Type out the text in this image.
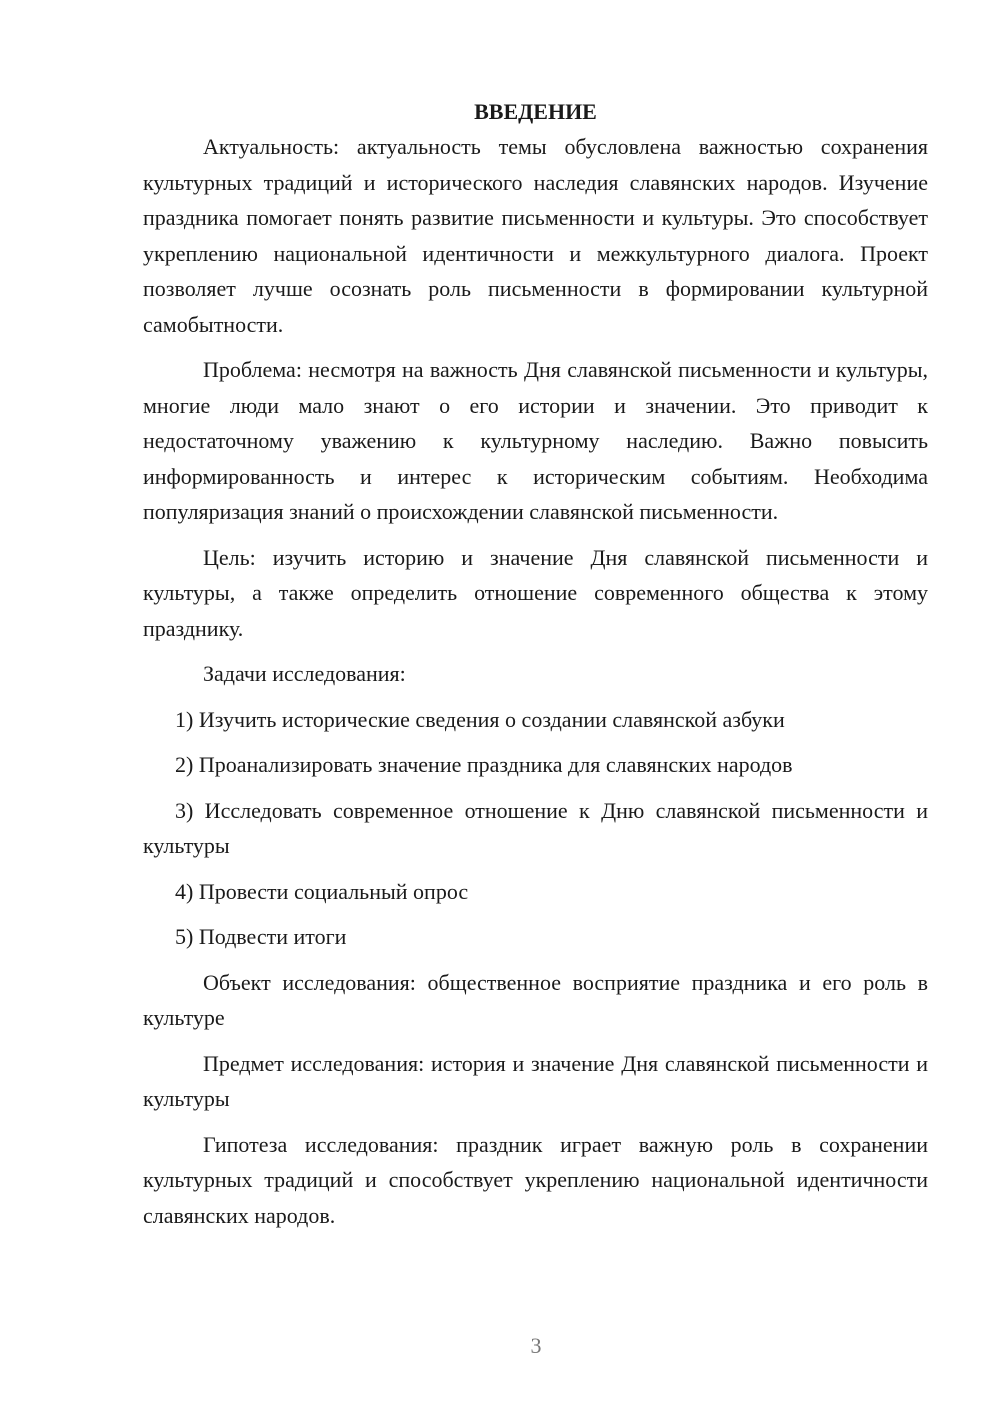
ВВЕДЕНИЕ

Актуальность: актуальность темы обусловлена важностью сохранения культурных традиций и исторического наследия славянских народов. Изучение праздника помогает понять развитие письменности и культуры. Это способствует укреплению национальной идентичности и межкультурного диалога. Проект позволяет лучше осознать роль письменности в формировании культурной самобытности.

Проблема: несмотря на важность Дня славянской письменности и культуры, многие люди мало знают о его истории и значении. Это приводит к недостаточному уважению к культурному наследию. Важно повысить информированность и интерес к историческим событиям. Необходима популяризация знаний о происхождении славянской письменности.

Цель: изучить историю и значение Дня славянской письменности и культуры, а также определить отношение современного общества к этому празднику.

Задачи исследования:

1) Изучить исторические сведения о создании славянской азбуки

2) Проанализировать значение праздника для славянских народов

3) Исследовать современное отношение к Дню славянской письменности и культуры

4) Провести социальный опрос

5) Подвести итоги

Объект исследования: общественное восприятие праздника и его роль в культуре

Предмет исследования: история и значение Дня славянской письменности и культуры

Гипотеза исследования: праздник играет важную роль в сохранении культурных традиций и способствует укреплению национальной идентичности славянских народов.

3
